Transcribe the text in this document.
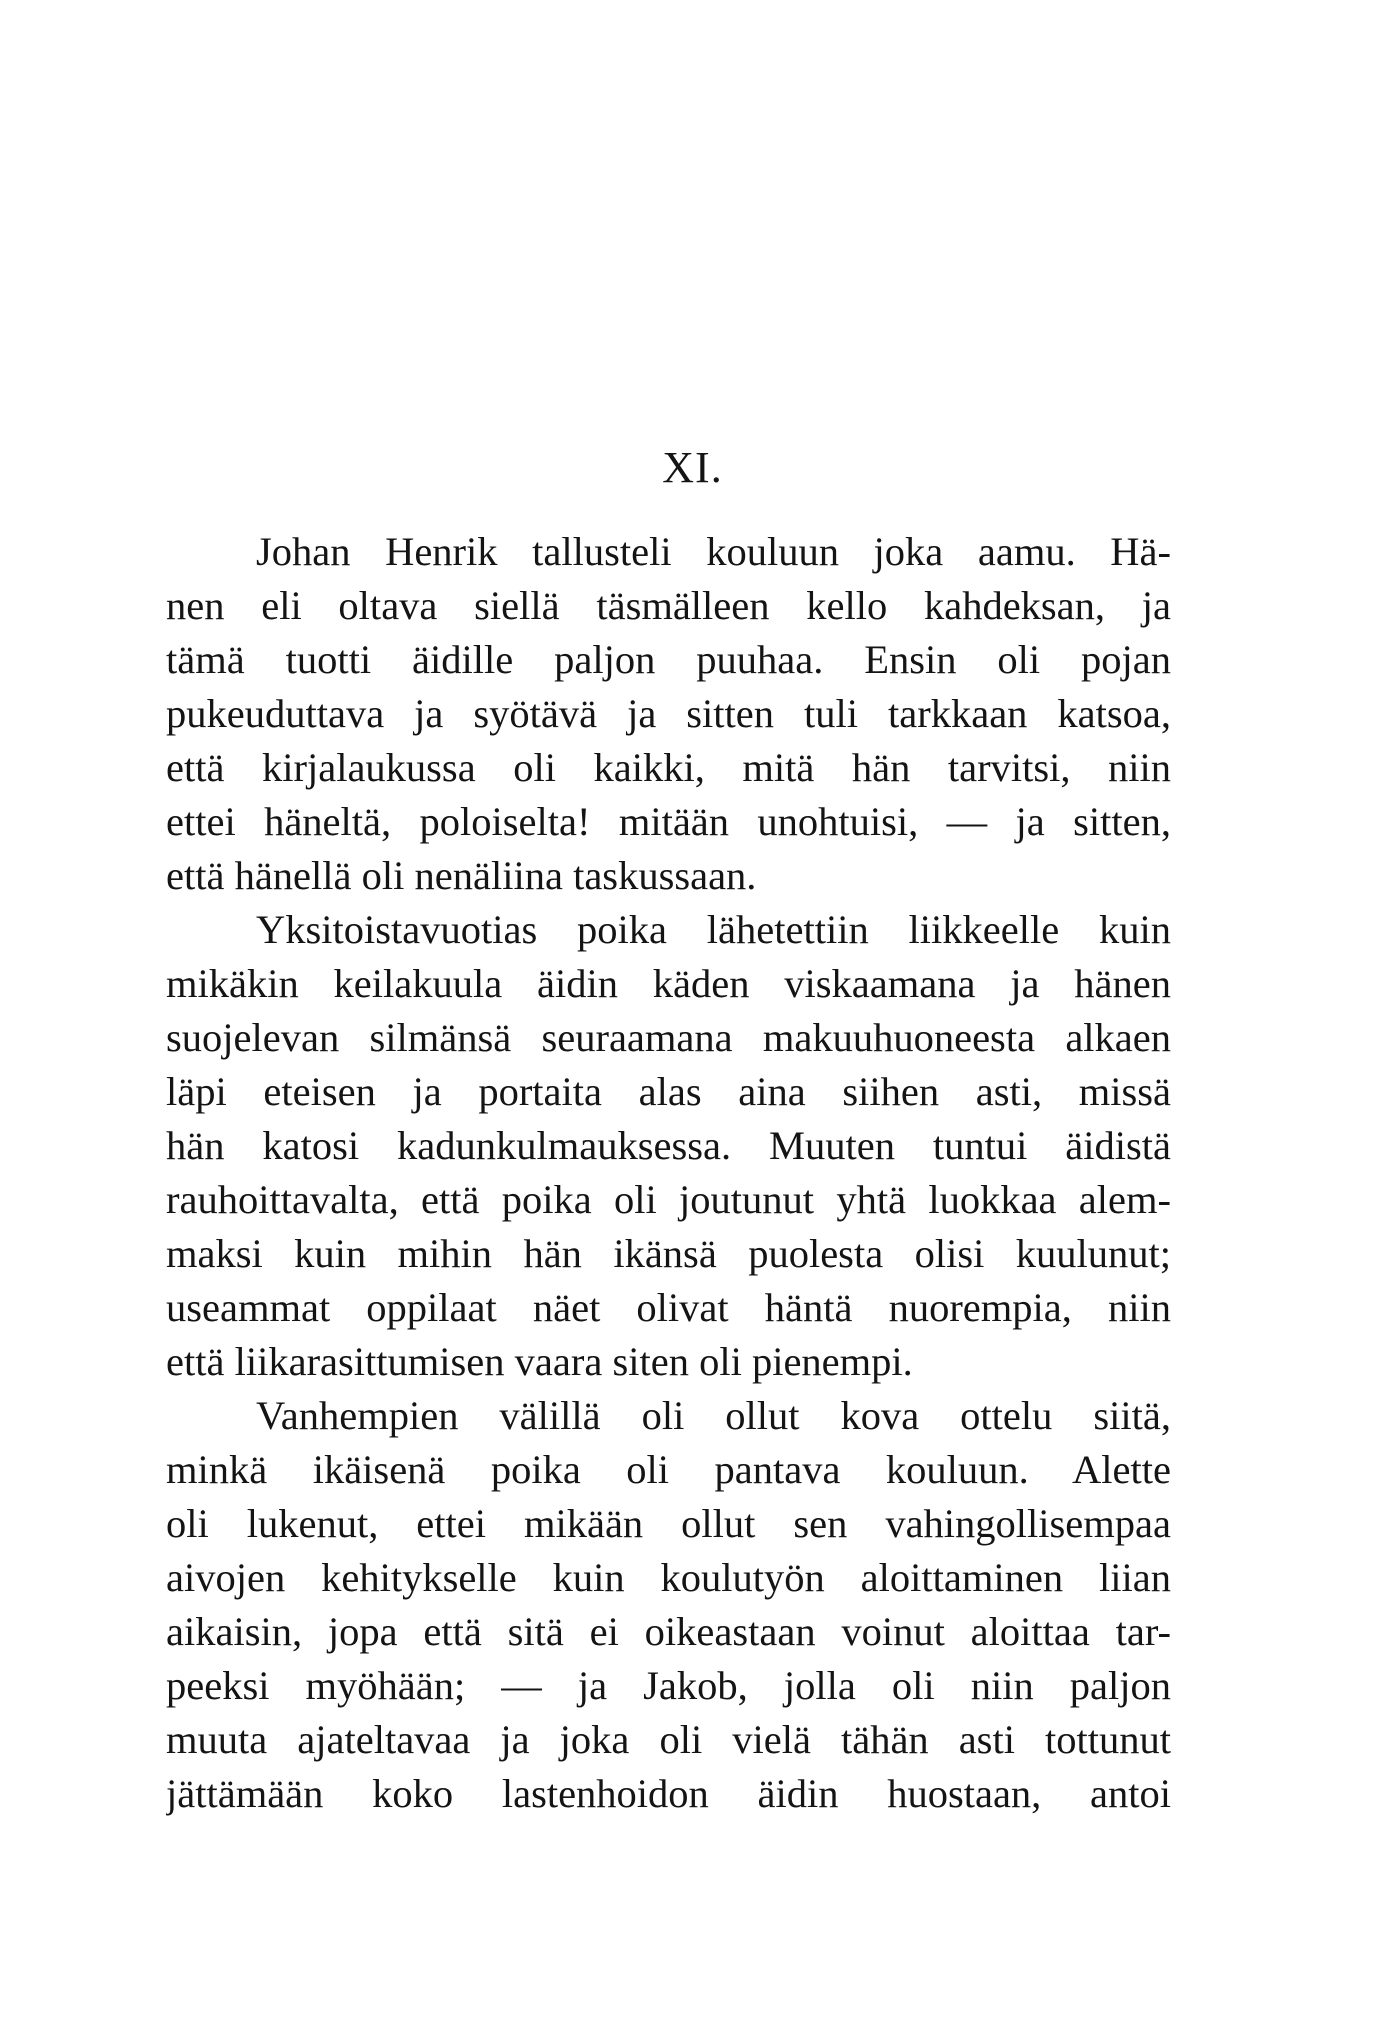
XI.
Johan Henrik tallusteli kouluun joka aamu. Hä-
nen eli oltava siellä täsmälleen kello kahdeksan, ja
tämä tuotti äidille paljon puuhaa. Ensin oli pojan
pukeuduttava ja syötävä ja sitten tuli tarkkaan katsoa,
että kirjalaukussa oli kaikki, mitä hän tarvitsi, niin
ettei häneltä, poloiselta! mitään unohtuisi, — ja sitten,
että hänellä oli nenäliina taskussaan.
Yksitoistavuotias poika lähetettiin liikkeelle kuin
mikäkin keilakuula äidin käden viskaamana ja hänen
suojelevan silmänsä seuraamana makuuhuoneesta alkaen
läpi eteisen ja portaita alas aina siihen asti, missä
hän katosi kadunkulmauksessa. Muuten tuntui äidistä
rauhoittavalta, että poika oli joutunut yhtä luokkaa alem-
maksi kuin mihin hän ikänsä puolesta olisi kuulunut;
useammat oppilaat näet olivat häntä nuorempia, niin
että liikarasittumisen vaara siten oli pienempi.
Vanhempien välillä oli ollut kova ottelu siitä,
minkä ikäisenä poika oli pantava kouluun. Alette
oli lukenut, ettei mikään ollut sen vahingollisempaa
aivojen kehitykselle kuin koulutyön aloittaminen liian
aikaisin, jopa että sitä ei oikeastaan voinut aloittaa tar-
peeksi myöhään; — ja Jakob, jolla oli niin paljon
muuta ajateltavaa ja joka oli vielä tähän asti tottunut
jättämään koko lastenhoidon äidin huostaan, antoi
